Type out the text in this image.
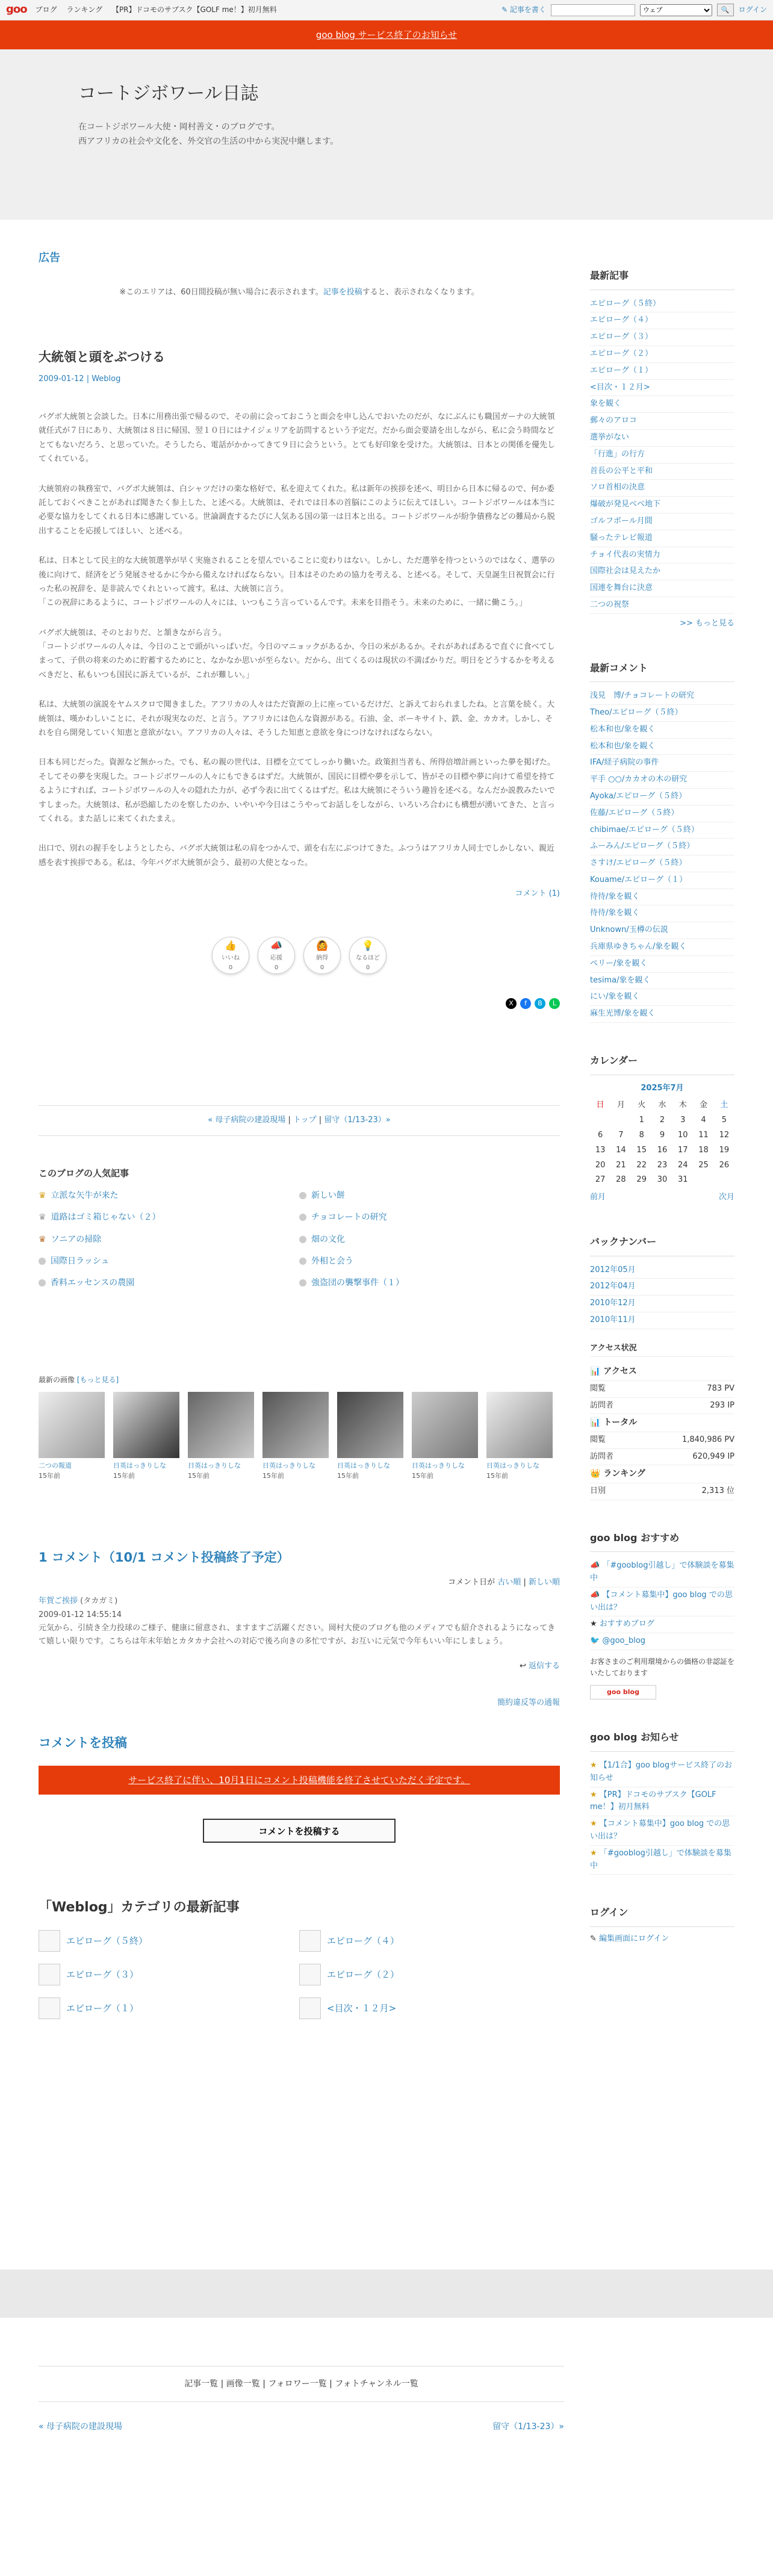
goo ブログ ランキング 【PR】ドコモのサブスク【GOLF me！】初月無料	✎ 記事を書く
ウェブ	🔍	ログイン
goo blog サービス終了のお知らせ
コートジボワール日誌
在コートジボワール大使・岡村善文・のブログです。
西アフリカの社会や文化を、外交官の生活の中から実況中継します。
広告
※このエリアは、60日間投稿が無い場合に表示されます。記事を投稿すると、表示されなくなります。
大統領と頭をぶつける
2009-01-12 | Weblog

バグボ大統領と会談した。日本に用務出張で帰るので、その前に会っておこうと面会を申し込んでおいたのだが、なにぶんにも職国ガーナの大統領就任式が７日にあり、大統領は８日に帰国、翌１０日にはナイジェリアを訪問するという予定だ。だから面会要請を出しながら、私に会う時間などとてもないだろう、と思っていた。そうしたら、電話がかかってきて９日に会うという。とても好印象を受けた。大統領は、日本との関係を優先してくれている。

大統領府の執務室で、バグボ大統領は、白シャツだけの楽な格好で、私を迎えてくれた。私は新年の挨拶を述べ、明日から日本に帰るので、何か委託しておくべきことがあれば聞きたく参上した、と述べる。大統領は、それでは日本の首脳にこのように伝えてほしい。コートジボワールは本当に必要な協力をしてくれる日本に感謝している。世論調査するたびに人気ある国の第一は日本と出る。コートジボワールが紛争債務などの難局から脱出することを応援してほしい、と述べる。

私は、日本として民主的な大統領選挙が早く実施されることを望んでいることに変わりはない。しかし、ただ選挙を待つというのではなく、選挙の後に向けて、経済をどう発展させるかに今から備えなければならない。日本はそのための協力を考える、と述べる。そして、天皇誕生日祝賀会に行った私の祝辞を、是非読んでくれといって渡す。私は、大統領に言う。

「この祝辞にあるように、コートジボワールの人々には、いつもこう言っているんです。未来を目指そう。未来のために、一緒に働こう。」

バグボ大統領は、そのとおりだ、と頷きながら言う。

「コートジボワールの人々は、今日のことで頭がいっぱいだ。今日のマニョックがあるか、今日の米があるか。それがあればあるで直ぐに食べてしまって、子供の将来のために貯蓄するためにと、なかなか思いが至らない。だから、出てくるのは現状の不満ばかりだ。明日をどうするかを考えるべきだと、私もいつも国民に訴えているが、これが難しい。」

私は、大統領の演説をヤムスクロで聞きました。アフリカの人々はただ資源の上に座っているだけだ、と訴えておられましたね。と言葉を続く。大統領は、嘆かわしいことに、それが現実なのだ、と言う。アフリカには色んな資源がある。石油、金、ボーキサイト、鉄、金、カカオ。しかし、それを自ら開発していく知恵と意欲がない。アフリカの人々は、そうした知恵と意欲を身につけなければならない。

日本も同じだった。資源など無かった。でも、私の親の世代は、目標を立ててしっかり働いた。政策担当者も、所得倍増計画といった夢を掲げた。そしてその夢を実現した。コートジボワールの人々にもできるはずだ。大統領が、国民に目標や夢を示して、皆がその目標や夢に向けて希望を持てるようにすれば、コートジボワールの人々の隠れた力が、必ず今表に出てくるはずだ。私は大統領にそういう趣旨を述べる。なんだか説教みたいですしまった。大統領は、私が恐縮したのを察したのか、いやいや今日はこうやってお話しをしながら、いろいろ合わにも構想が湧いてきた、と言ってくれる。また話しに来てくれたまえ。

出口で、別れの握手をしようとしたら、バグボ大統領は私の肩をつかんで、頭を右左にぶつけてきた。ふつうはアフリカ人同士でしかしない、親近感を表す挨拶である。私は、今年バグボ大統領が会う、最初の大使となった。

コメント (1)
👍
いいね
0
📣
応援
0
🙆
納得
0
💡
なるほど
0
X	f	B	L
« 母子病院の建設現場 | トップ | 留守（1/13-23）»
このブログの人気記事
♛ 立派な矢牛が来た	新しい餅
♛ 道路はゴミ箱じゃない（２）	チョコレートの研究
♛ ソニアの掃除	畑の文化
国際日ラッシュ	外相と会う
香料エッセンスの農園	強盗団の襲撃事件（１）
最新の画像 [もっと見る]
二つの報道
15年前
日英はっきりしな
15年前
日英はっきりしな
15年前
日英はっきりしな
15年前
日英はっきりしな
15年前
日英はっきりしな
15年前
日英はっきりしな
15年前
1 コメント（10/1 コメント投稿終了予定）
コメント日が 古い順 | 新しい順
年賀ご挨拶 (タカガミ)
2009-01-12 14:55:14
元気から、引続き全力投球のご様子、健康に留意され、ますますご活躍ください。岡村大使のブログも他のメディアでも紹介されるようになってきて嬉しい限りです。こちらは年末年始とカタカナ会社への対応で後ろ向きの多忙ですが、お互いに元気で今年もいい年にしましょう。
↩ 返信する
簡約違反等の通報
コメントを投稿
サービス終了に伴い、10月1日にコメント投稿機能を終了させていただく予定です。
コメントを投稿する
「Weblog」カテゴリの最新記事
エピローグ（５終）	エピローグ（４）
エピローグ（３）	エピローグ（２）
エピローグ（１）	<目次・１２月>
最新記事
エピローグ（５終）
エピローグ（４）
エピローグ（３）
エピローグ（２）
エピローグ（１）
<目次・１２月>
象を観く
郵々のアロコ
選挙がない
「行進」の行方
首長の公平と平和
ソロ首相の決意
爆破が発見ベベ地下
ゴルフボール月間
騒ったテレビ報道
チョイ代表の実情力
国際社会は見えたか
国連を舞台に決意
二つの祝祭
>> もっと見る
最新コメント
浅見　博/チョコレートの研究
Theo/エピローグ（５終）
松本和也/象を観く
松本和也/象を観く
IFA/経子病院の事件
平手 ○○/カカオの木の研究
Ayoka/エピローグ（５終）
佐藤/エピローグ（５終）
chibimae/エピローグ（５終）
ふーみん/エピローグ（５終）
さすけ/エピローグ（５終）
Kouame/エピローグ（１）
待待/象を観く
待待/象を観く
Unknown/玉樽の伝説
兵庫県ゆきちゃん/象を観く
ペリー/象を観く
tesima/象を観く
にい/象を観く
麻生光博/象を観く
カレンダー
2025年7月						
日	月	火	水	木	金	土
		1	2	3	4	5
6	7	8	9	10	11	12
13	14	15	16	17	18	19
20	21	22	23	24	25	26
27	28	29	30	31		
前月	次月
バックナンバー
2012年05月
2012年04月
2010年12月
2010年11月
アクセス状況
📊 アクセス
閲覧	783 PV
訪問者	293 IP
📊 トータル
閲覧	1,840,986 PV
訪問者	620,949 IP
👑 ランキング
日別	2,313 位
goo blog おすすめ
📣 「#gooblog引越し」で体験談を募集中
📣 【コメント募集中】goo blog での思い出は？
★ おすすめブログ
🐦 @goo_blog
お客さまのご利用環境からの価格の非認証をいたしております
goo blog
goo blog お知らせ
★ 【1/1合】goo blogサービス終了のお知らせ
★ 【PR】ドコモのサブスク【GOLF me！】初月無料
★ 【コメント募集中】goo blog での思い出は？
★ 「#gooblog引越し」で体験談を募集中
ログイン
✎ 編集画面にログイン
記事一覧 | 画像一覧 | フォロワー一覧 | フォトチャンネル一覧
« 母子病院の建設現場	留守（1/13-23）»
